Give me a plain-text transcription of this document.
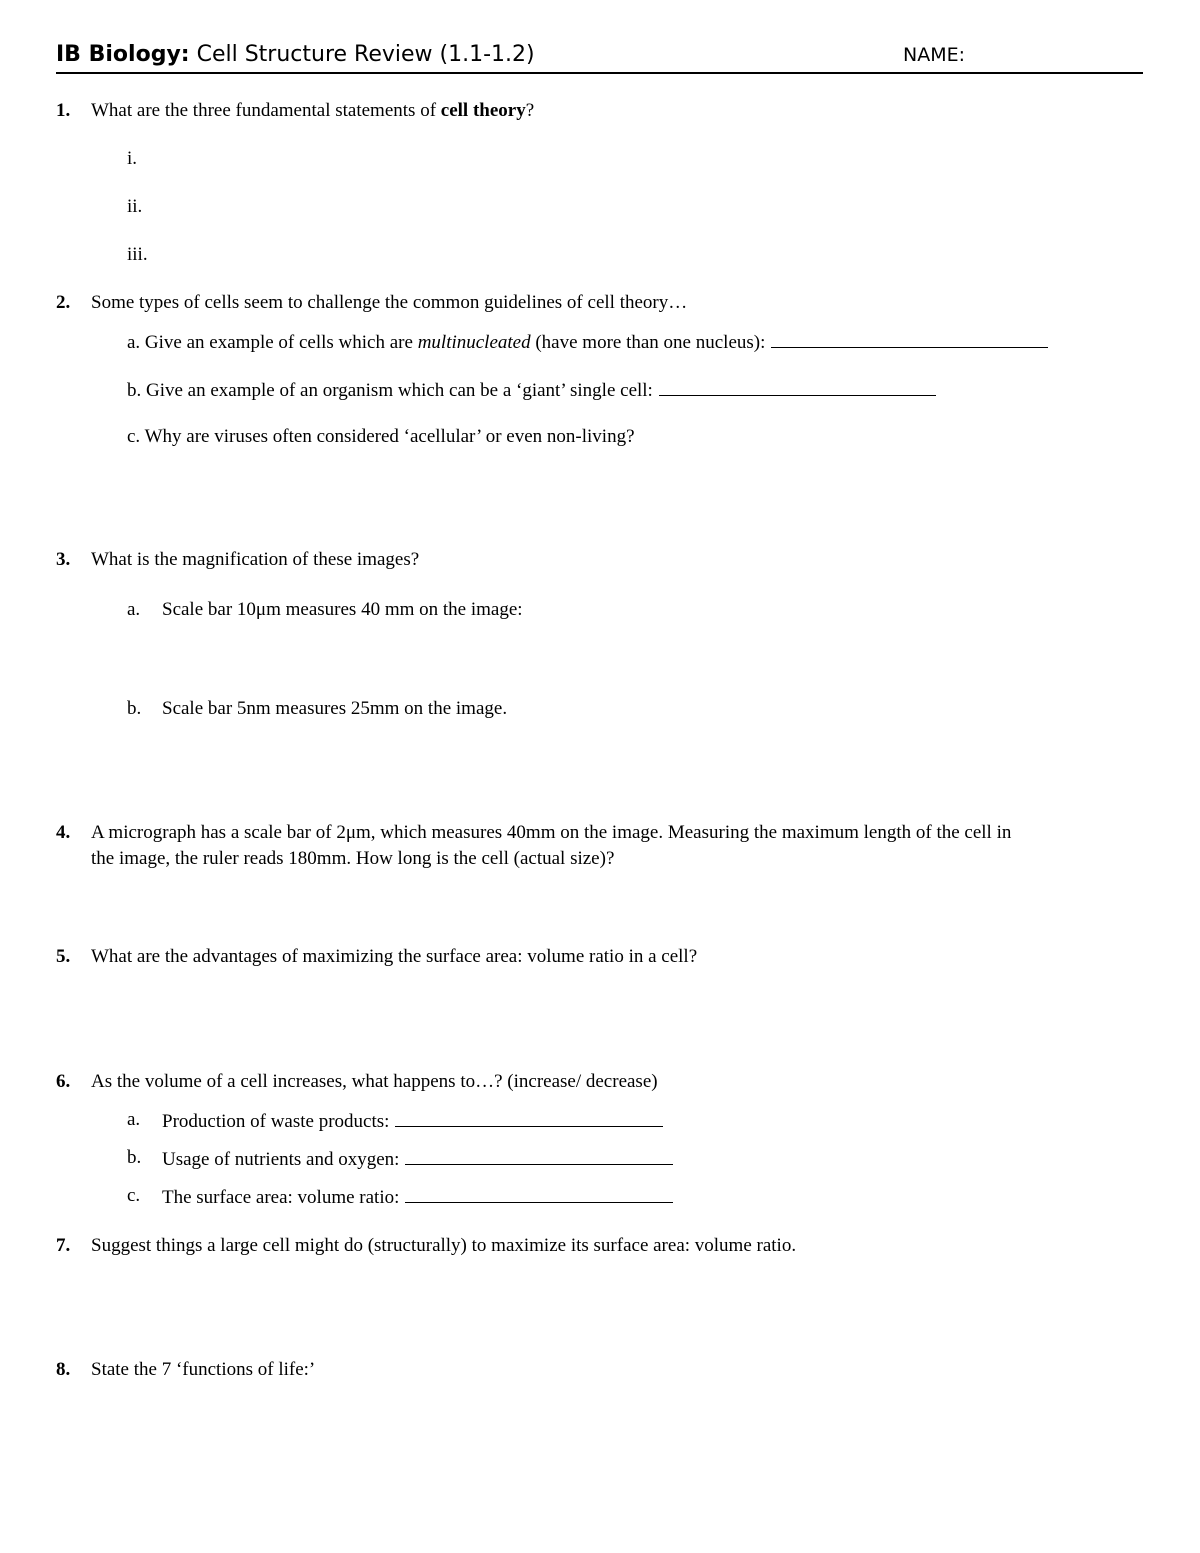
IB Biology: Cell Structure Review (1.1-1.2)	NAME:
1. What are the three fundamental statements of cell theory?
i.
ii.
iii.
2. Some types of cells seem to challenge the common guidelines of cell theory…
a. Give an example of cells which are multinucleated (have more than one nucleus):
b. Give an example of an organism which can be a ‘giant’ single cell:
c. Why are viruses often considered ‘acellular’ or even non-living?
3. What is the magnification of these images?
a. Scale bar 10μm measures 40 mm on the image:
b. Scale bar 5nm measures 25mm on the image.
4. A micrograph has a scale bar of 2μm, which measures 40mm on the image. Measuring the maximum length of the cell in
the image, the ruler reads 180mm. How long is the cell (actual size)?
5. What are the advantages of maximizing the surface area: volume ratio in a cell?
6. As the volume of a cell increases, what happens to…? (increase/ decrease)
a. Production of waste products:
b. Usage of nutrients and oxygen:
c. The surface area: volume ratio:
7. Suggest things a large cell might do (structurally) to maximize its surface area: volume ratio.
8. State the 7 ‘functions of life:’
